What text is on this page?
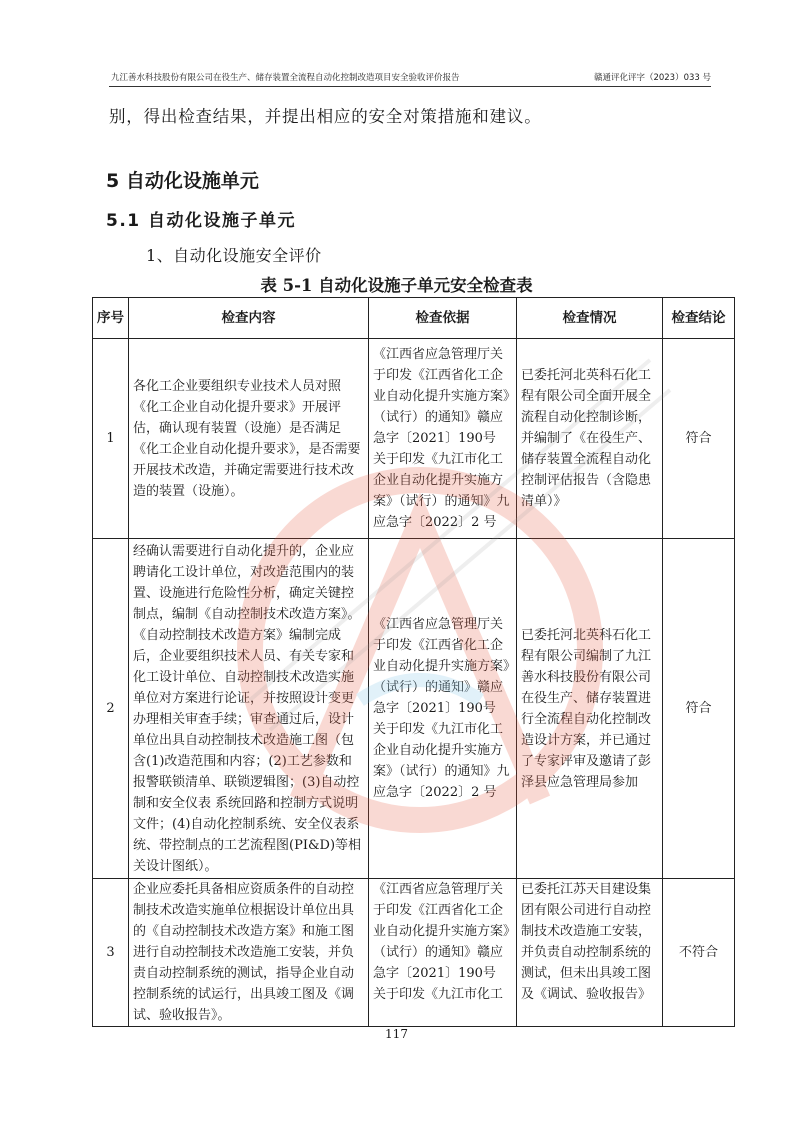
九江善水科技股份有限公司在役生产、储存装置全流程自动化控制改造项目安全验收评价报告	赣通评化评字（2023）033 号
别，得出检查结果，并提出相应的安全对策措施和建议。
5 自动化设施单元
5.1 自动化设施子单元
1、自动化设施安全评价
表 5-1 自动化设施子单元安全检查表
序号	检查内容	检查依据	检查情况	检查结论
1	各化工企业要组织专业技术人员对照《化工企业自动化提升要求》开展评估，确认现有装置（设施）是否满足《化工企业自动化提升要求》，是否需要开展技术改造，并确定需要进行技术改造的装置（设施）。	《江西省应急管理厅关于印发《江西省化工企业自动化提升实施方案》（试行）的通知》赣应急字〔2021〕190号
关于印发《九江市化工企业自动化提升实施方案》（试行）的通知》九应急字〔2022〕2 号	已委托河北英科石化工程有限公司全面开展全流程自动化控制诊断，并编制了《在役生产、储存装置全流程自动化控制评估报告（含隐患清单）》	符合
2	经确认需要进行自动化提升的，企业应聘请化工设计单位，对改造范围内的装置、设施进行危险性分析，确定关键控制点，编制《自动控制技术改造方案》。《自动控制技术改造方案》编制完成后，企业要组织技术人员、有关专家和化工设计单位、自动控制技术改造实施单位对方案进行论证，并按照设计变更办理相关审查手续；审查通过后，设计单位出具自动控制技术改造施工图（包含(1)改造范围和内容；(2)工艺参数和报警联锁清单、联锁逻辑图；(3)自动控制和安全仪表 系统回路和控制方式说明文件；(4)自动化控制系统、安全仪表系统、带控制点的工艺流程图(PI&D)等相关设计图纸）。	《江西省应急管理厅关于印发《江西省化工企业自动化提升实施方案》（试行）的通知》赣应急字〔2021〕190号
关于印发《九江市化工企业自动化提升实施方案》（试行）的通知》九应急字〔2022〕2 号	已委托河北英科石化工程有限公司编制了九江善水科技股份有限公司在役生产、储存装置进行全流程自动化控制改造设计方案，并已通过了专家评审及邀请了彭泽县应急管理局参加	符合
3	企业应委托具备相应资质条件的自动控制技术改造实施单位根据设计单位出具的《自动控制技术改造方案》和施工图进行自动控制技术改造施工安装，并负责自动控制系统的测试，指导企业自动控制系统的试运行，出具竣工图及《调试、验收报告》。	《江西省应急管理厅关于印发《江西省化工企业自动化提升实施方案》（试行）的通知》赣应急字〔2021〕190号
关于印发《九江市化工	已委托江苏天目建设集团有限公司进行自动控制技术改造施工安装，并负责自动控制系统的测试，但未出具竣工图及《调试、验收报告》	不符合
117
